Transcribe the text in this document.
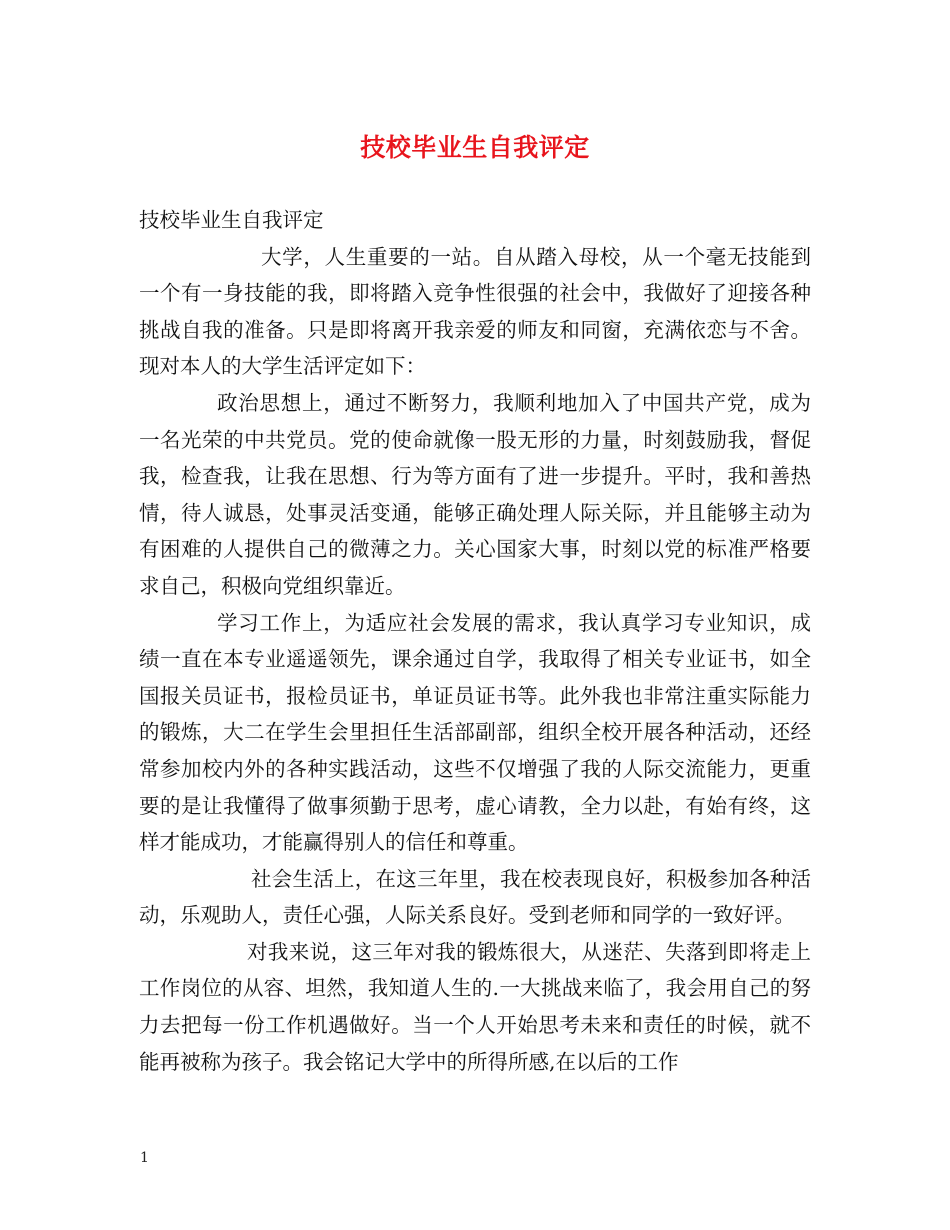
技校毕业生自我评定

技校毕业生自我评定

大学，人生重要的一站。自从踏入母校，从一个毫无技能到一个有一身技能的我，即将踏入竞争性很强的社会中，我做好了迎接各种挑战自我的准备。只是即将离开我亲爱的师友和同窗，充满依恋与不舍。现对本人的大学生活评定如下：

政治思想上，通过不断努力，我顺利地加入了中国共产党，成为一名光荣的中共党员。党的使命就像一股无形的力量，时刻鼓励我，督促我，检查我，让我在思想、行为等方面有了进一步提升。平时，我和善热情，待人诚恳，处事灵活变通，能够正确处理人际关际，并且能够主动为有困难的人提供自己的微薄之力。关心国家大事，时刻以党的标准严格要求自己，积极向党组织靠近。

学习工作上，为适应社会发展的需求，我认真学习专业知识，成绩一直在本专业遥遥领先，课余通过自学，我取得了相关专业证书，如全国报关员证书，报检员证书，单证员证书等。此外我也非常注重实际能力的锻炼，大二在学生会里担任生活部副部，组织全校开展各种活动，还经常参加校内外的各种实践活动，这些不仅增强了我的人际交流能力，更重要的是让我懂得了做事须勤于思考，虚心请教，全力以赴，有始有终，这样才能成功，才能赢得别人的信任和尊重。

社会生活上，在这三年里，我在校表现良好，积极参加各种活动，乐观助人，责任心强，人际关系良好。受到老师和同学的一致好评。

对我来说，这三年对我的锻炼很大，从迷茫、失落到即将走上工作岗位的从容、坦然，我知道人生的.一大挑战来临了，我会用自己的努力去把每一份工作机遇做好。当一个人开始思考未来和责任的时候，就不能再被称为孩子。我会铭记大学中的所得所感,在以后的工作

1
